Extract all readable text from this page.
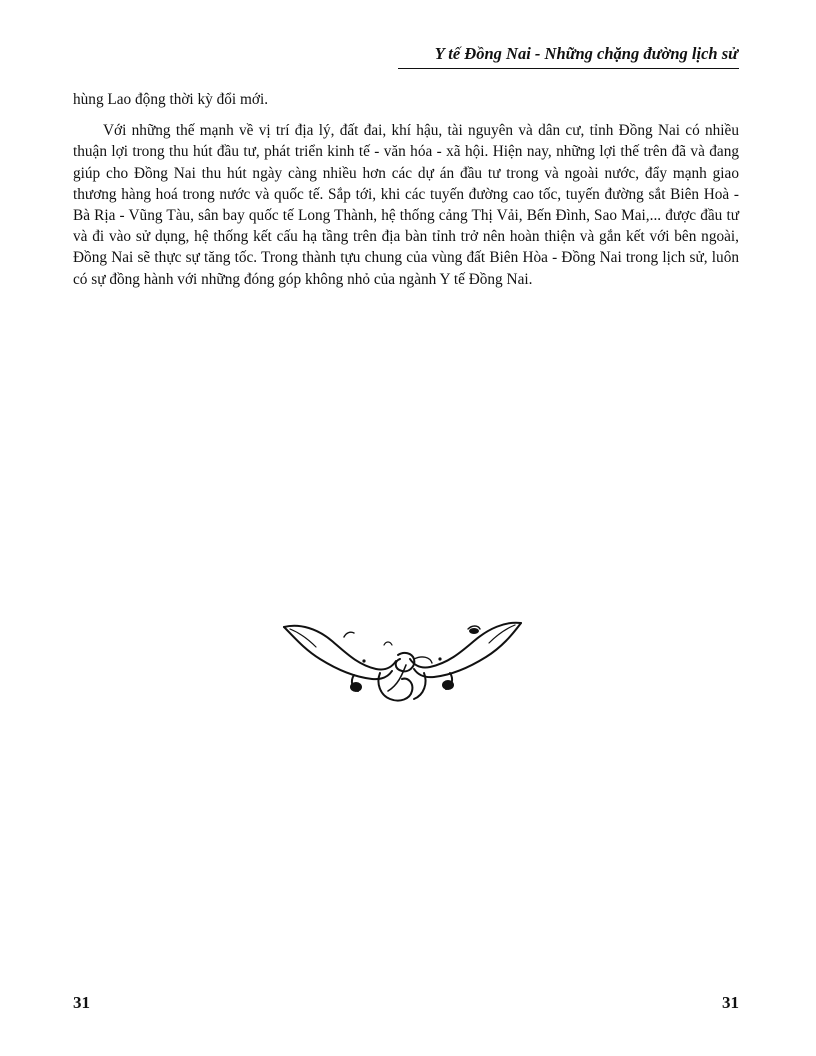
Y tế Đồng Nai - Những chặng đường lịch sử

hùng Lao động thời kỳ đổi mới.

Với những thế mạnh về vị trí địa lý, đất đai, khí hậu, tài nguyên và dân cư, tỉnh Đồng Nai có nhiều thuận lợi trong thu hút đầu tư, phát triển kinh tế - văn hóa - xã hội. Hiện nay, những lợi thế trên đã và đang giúp cho Đồng Nai thu hút ngày càng nhiều hơn các dự án đầu tư trong và ngoài nước, đẩy mạnh giao thương hàng hoá trong nước và quốc tế. Sắp tới, khi các tuyến đường cao tốc, tuyến đường sắt Biên Hoà - Bà Rịa - Vũng Tàu, sân bay quốc tế Long Thành, hệ thống cảng Thị Vải, Bến Đình, Sao Mai,... được đầu tư và đi vào sử dụng, hệ thống kết cấu hạ tầng trên địa bàn tỉnh trở nên hoàn thiện và gắn kết với bên ngoài, Đồng Nai sẽ thực sự tăng tốc. Trong thành tựu chung của vùng đất Biên Hòa - Đồng Nai trong lịch sử, luôn có sự đồng hành với những đóng góp không nhỏ của ngành Y tế Đồng Nai.

31	31
